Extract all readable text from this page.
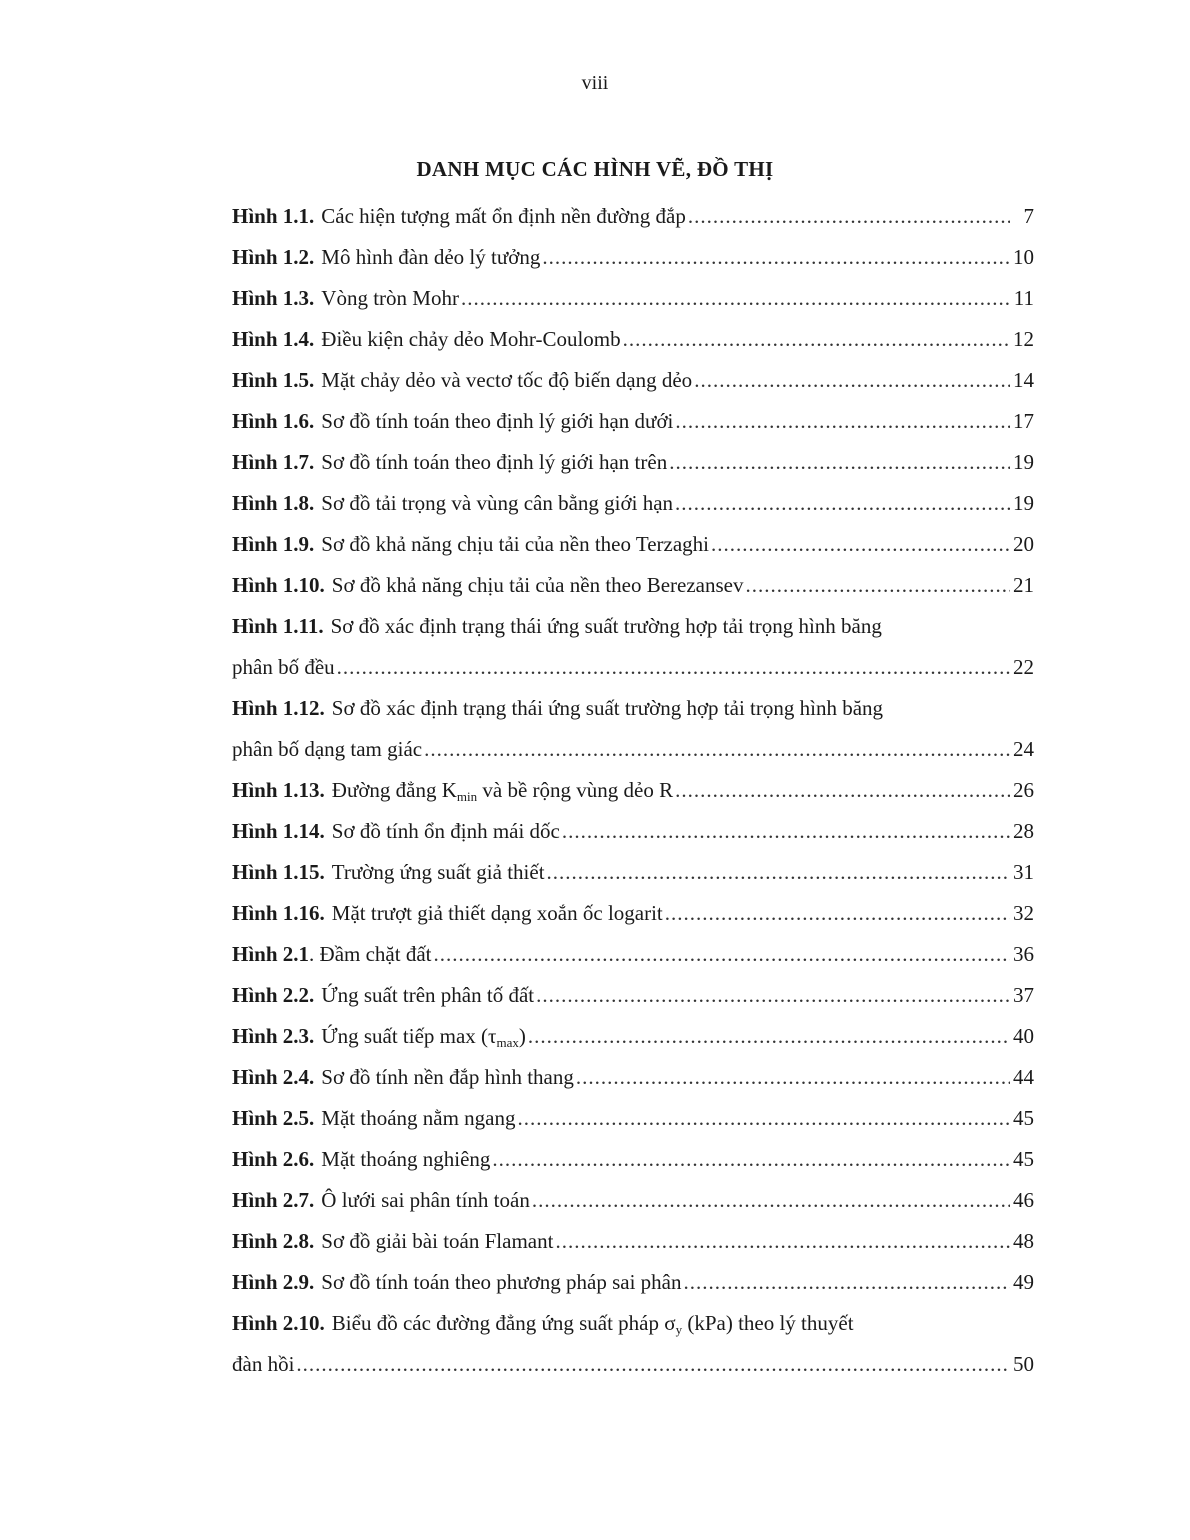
viii
DANH MỤC CÁC HÌNH VẼ, ĐỒ THỊ
Hình 1.1. Các hiện tượng mất ổn định nền đường đắp .....	7
Hình 1.2. Mô hình đàn dẻo lý tưởng .....	10
Hình 1.3. Vòng tròn Mohr .....	11
Hình 1.4. Điều kiện chảy dẻo Mohr-Coulomb .....	12
Hình 1.5. Mặt chảy dẻo và vectơ tốc độ biến dạng dẻo .....	14
Hình 1.6. Sơ đồ tính toán theo định lý giới hạn dưới .....	17
Hình 1.7. Sơ đồ tính toán theo định lý giới hạn trên .....	19
Hình 1.8. Sơ đồ tải trọng và vùng cân bằng giới hạn .....	19
Hình 1.9. Sơ đồ khả năng chịu tải của nền theo Terzaghi .....	20
Hình 1.10. Sơ đồ khả năng chịu tải của nền theo Berezansev .....	21
Hình 1.11. Sơ đồ xác định trạng thái ứng suất trường hợp tải trọng hình băng
phân bố đều .....	22
Hình 1.12. Sơ đồ xác định trạng thái ứng suất trường hợp tải trọng hình băng
phân bố dạng tam giác .....	24
Hình 1.13. Đường đẳng $K_{min}$ và bề rộng vùng dẻo R .....	26
Hình 1.14. Sơ đồ tính ổn định mái dốc .....	28
Hình 1.15. Trường ứng suất giả thiết .....	31
Hình 1.16. Mặt trượt giả thiết dạng xoắn ốc logarit .....	32
Hình 2.1 . Đầm chặt đất .....	36
Hình 2.2. Ứng suất trên phân tố đất .....	37
Hình 2.3. Ứng suất tiếp $\max (\tau_{max})$ .....	40
Hình 2.4. Sơ đồ tính nền đắp hình thang .....	44
Hình 2.5. Mặt thoáng nằm ngang .....	45
Hình 2.6. Mặt thoáng nghiêng .....	45
Hình 2.7. Ô lưới sai phân tính toán .....	46
Hình 2.8. Sơ đồ giải bài toán Flamant .....	48
Hình 2.9. Sơ đồ tính toán theo phương pháp sai phân .....	49
Hình 2.10. Biểu đồ các đường đẳng ứng suất pháp $\sigma_y$ (kPa) theo lý thuyết
đàn hồi .....	50
